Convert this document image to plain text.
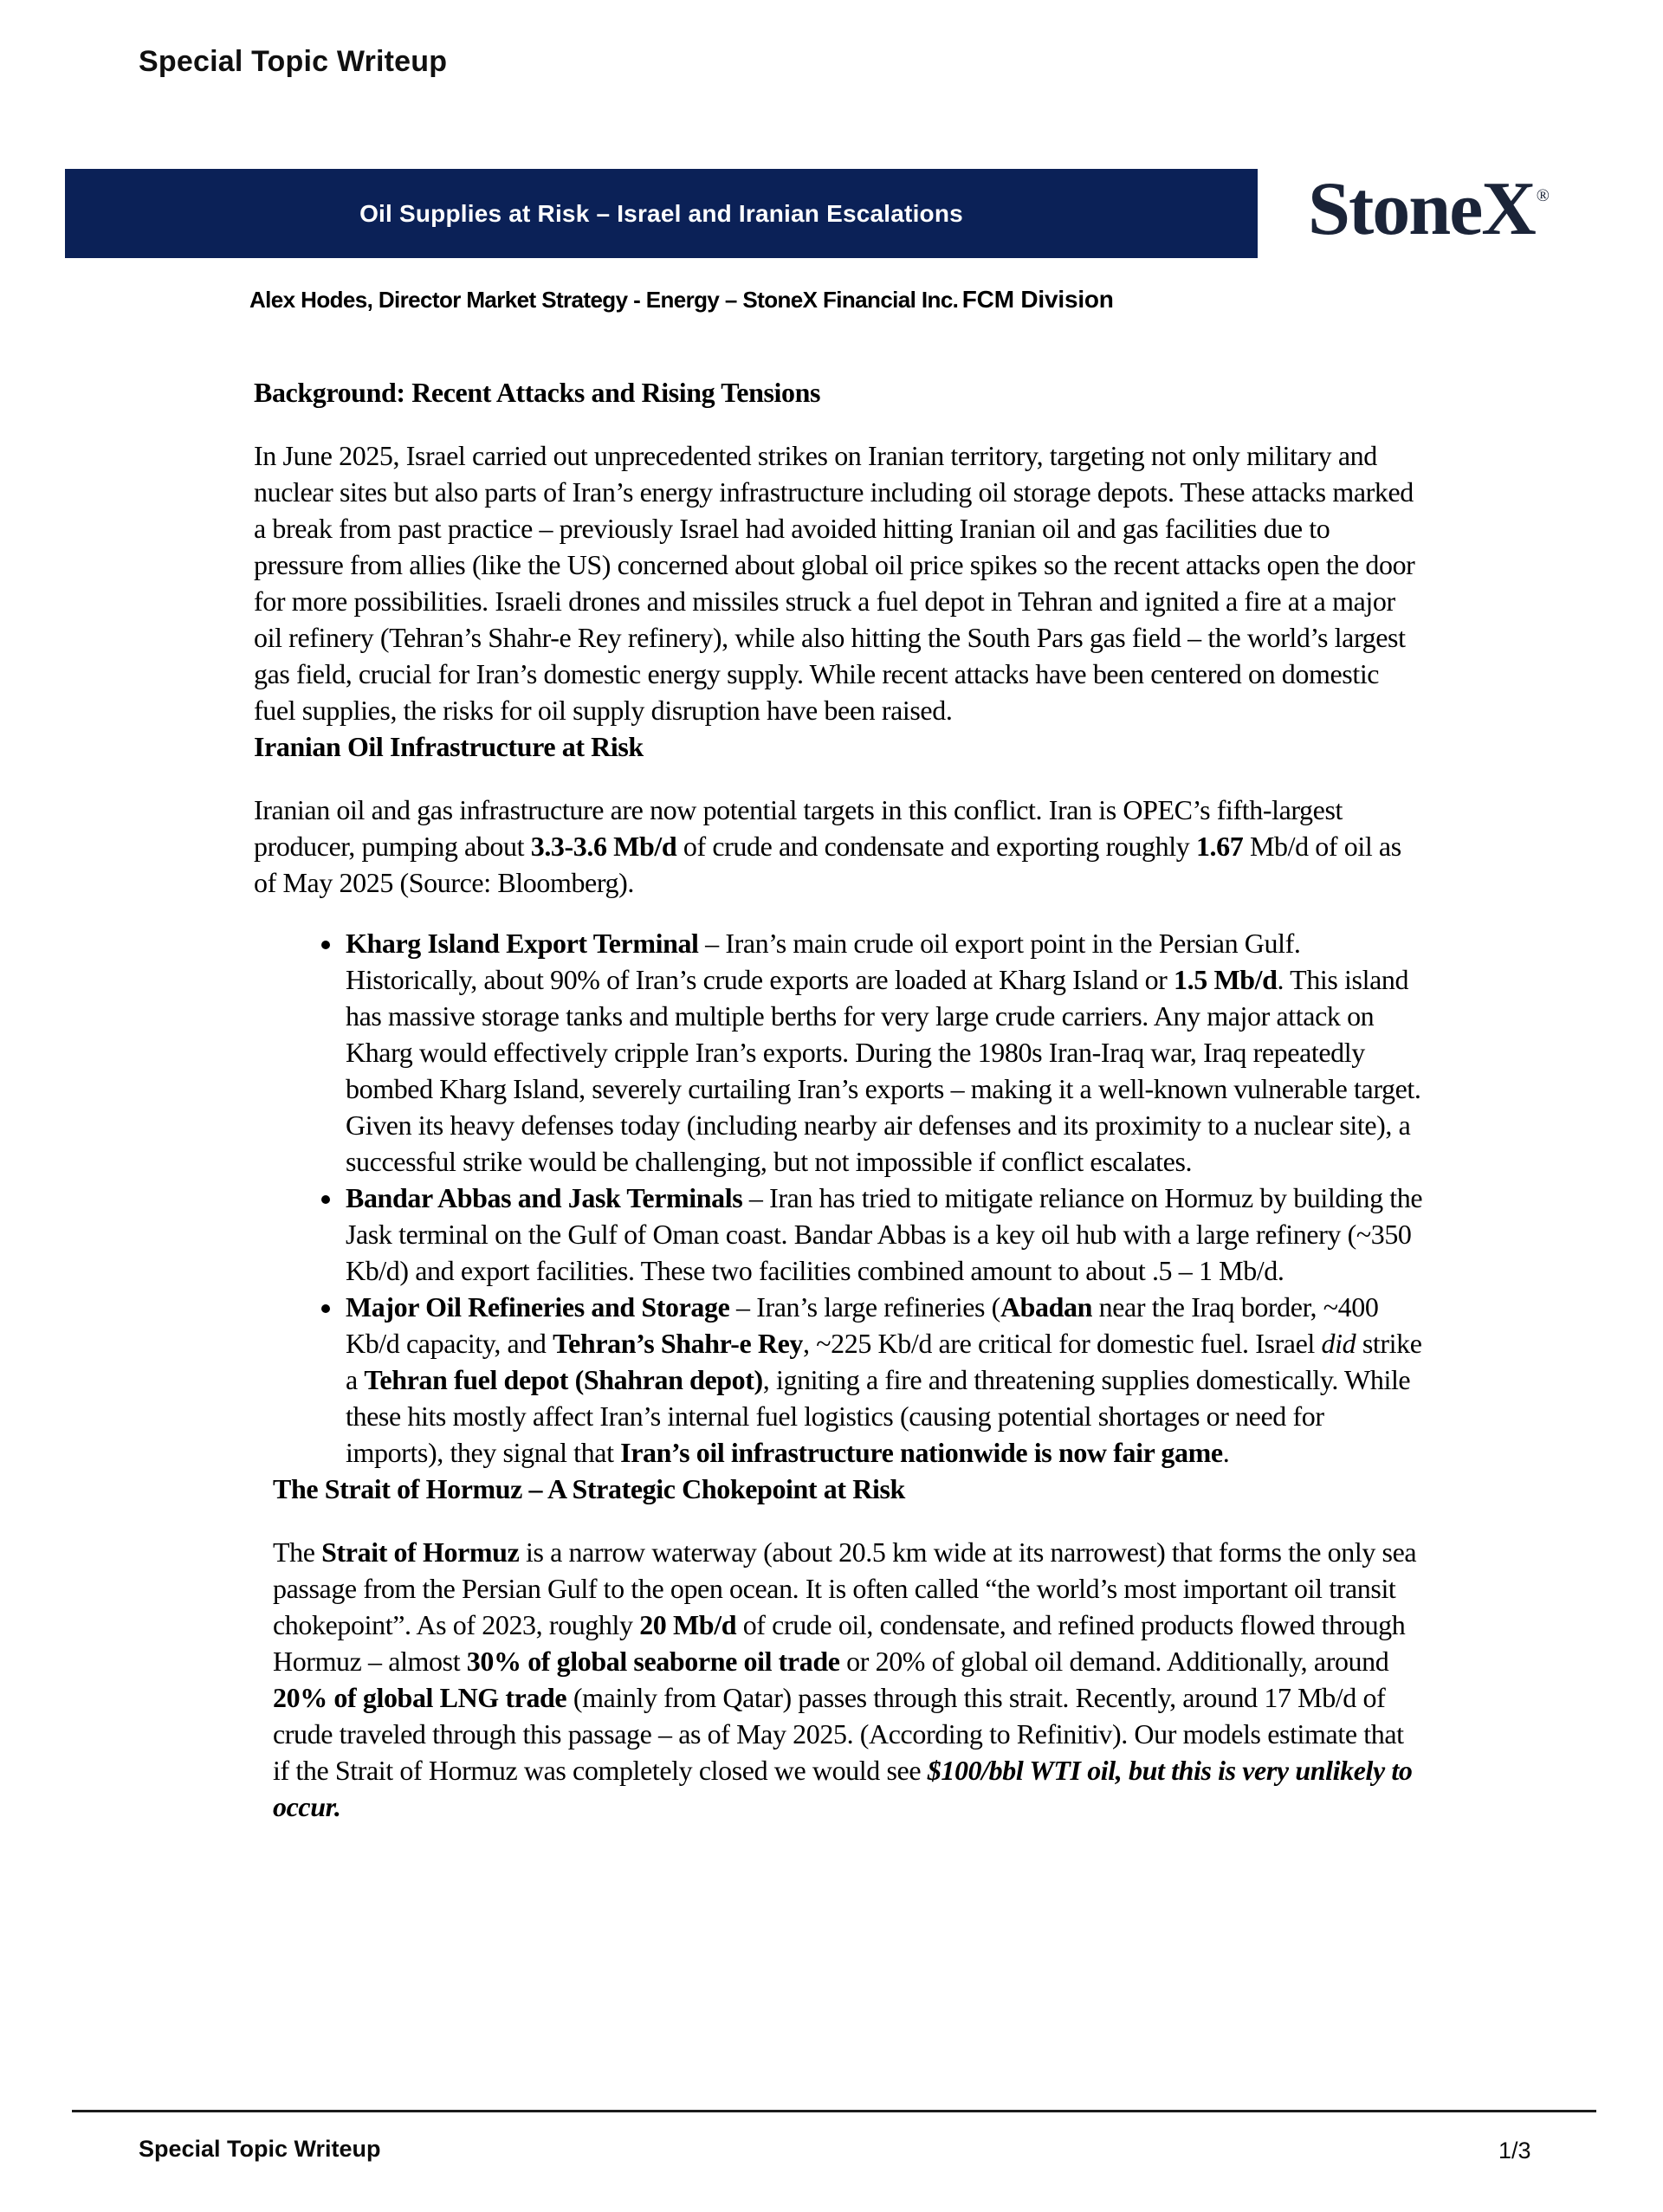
Special Topic Writeup
Oil Supplies at Risk – Israel and Iranian Escalations	StoneX ®
Alex Hodes, Director Market Strategy - Energy – StoneX Financial Inc. FCM Division
Background: Recent Attacks and Rising Tensions

In June 2025, Israel carried out unprecedented strikes on Iranian territory, targeting not only military and nuclear sites but also parts of Iran’s energy infrastructure including oil storage depots. These attacks marked a break from past practice – previously Israel had avoided hitting Iranian oil and gas facilities due to pressure from allies (like the US) concerned about global oil price spikes so the recent attacks open the door for more possibilities. Israeli drones and missiles struck a fuel depot in Tehran and ignited a fire at a major oil refinery (Tehran’s Shahr-e Rey refinery), while also hitting the South Pars gas field – the world’s largest gas field, crucial for Iran’s domestic energy supply. While recent attacks have been centered on domestic fuel supplies, the risks for oil supply disruption have been raised.

Iranian Oil Infrastructure at Risk

Iranian oil and gas infrastructure are now potential targets in this conflict. Iran is OPEC’s fifth-largest producer, pumping about 3.3-3.6 Mb/d of crude and condensate and exporting roughly 1.67 Mb/d of oil as of May 2025 (Source: Bloomberg).

• Kharg Island Export Terminal – Iran’s main crude oil export point in the Persian Gulf. Historically, about 90% of Iran’s crude exports are loaded at Kharg Island or 1.5 Mb/d. This island has massive storage tanks and multiple berths for very large crude carriers. Any major attack on Kharg would effectively cripple Iran’s exports. During the 1980s Iran-Iraq war, Iraq repeatedly bombed Kharg Island, severely curtailing Iran’s exports – making it a well-known vulnerable target. Given its heavy defenses today (including nearby air defenses and its proximity to a nuclear site), a successful strike would be challenging, but not impossible if conflict escalates.
• Bandar Abbas and Jask Terminals – Iran has tried to mitigate reliance on Hormuz by building the Jask terminal on the Gulf of Oman coast. Bandar Abbas is a key oil hub with a large refinery (~350 Kb/d) and export facilities. These two facilities combined amount to about .5 – 1 Mb/d.
• Major Oil Refineries and Storage – Iran’s large refineries (Abadan near the Iraq border, ~400 Kb/d capacity, and Tehran’s Shahr-e Rey, ~225 Kb/d are critical for domestic fuel. Israel did strike a Tehran fuel depot (Shahran depot), igniting a fire and threatening supplies domestically. While these hits mostly affect Iran’s internal fuel logistics (causing potential shortages or need for imports), they signal that Iran’s oil infrastructure nationwide is now fair game.
The Strait of Hormuz – A Strategic Chokepoint at Risk

The Strait of Hormuz is a narrow waterway (about 20.5 km wide at its narrowest) that forms the only sea passage from the Persian Gulf to the open ocean. It is often called “the world’s most important oil transit chokepoint”. As of 2023, roughly 20 Mb/d of crude oil, condensate, and refined products flowed through Hormuz – almost 30% of global seaborne oil trade or 20% of global oil demand. Additionally, around 20% of global LNG trade (mainly from Qatar) passes through this strait. Recently, around 17 Mb/d of crude traveled through this passage – as of May 2025. (According to Refinitiv). Our models estimate that if the Strait of Hormuz was completely closed we would see $100/bbl WTI oil, but this is very unlikely to occur.

Special Topic Writeup	1/3
